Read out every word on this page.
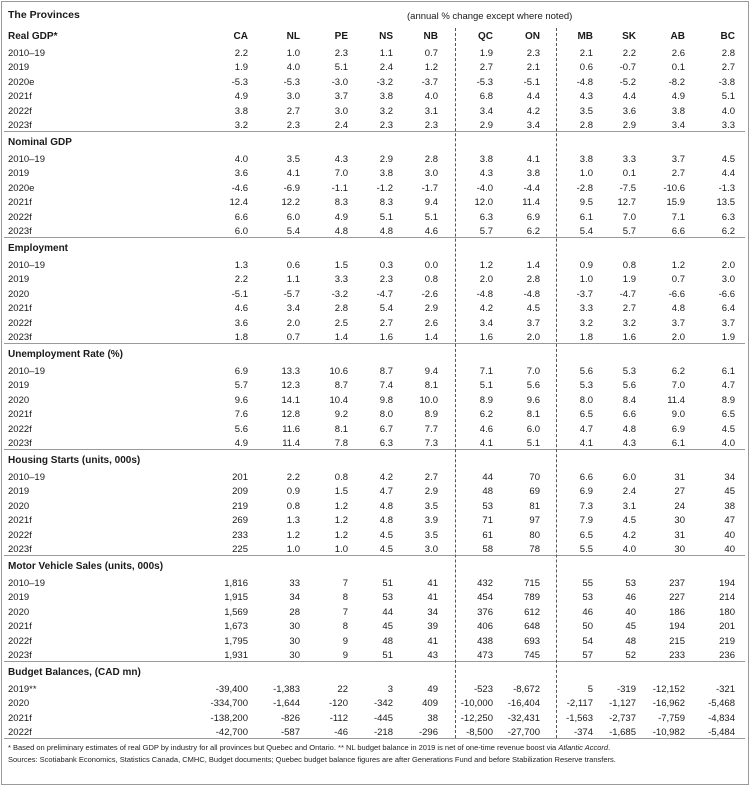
The Provinces	(annual % change except where noted)
Real GDP*	CA	NL	PE	NS	NB	QC	ON	MB	SK	AB	BC
2010–19	2.2	1.0	2.3	1.1	0.7	1.9	2.3	2.1	2.2	2.6	2.8
2019	1.9	4.0	5.1	2.4	1.2	2.7	2.1	0.6	-0.7	0.1	2.7
2020e	-5.3	-5.3	-3.0	-3.2	-3.7	-5.3	-5.1	-4.8	-5.2	-8.2	-3.8
2021f	4.9	3.0	3.7	3.8	4.0	6.8	4.4	4.3	4.4	4.9	5.1
2022f	3.8	2.7	3.0	3.2	3.1	3.4	4.2	3.5	3.6	3.8	4.0
2023f	3.2	2.3	2.4	2.3	2.3	2.9	3.4	2.8	2.9	3.4	3.3
Nominal GDP
2010–19	4.0	3.5	4.3	2.9	2.8	3.8	4.1	3.8	3.3	3.7	4.5
2019	3.6	4.1	7.0	3.8	3.0	4.3	3.8	1.0	0.1	2.7	4.4
2020e	-4.6	-6.9	-1.1	-1.2	-1.7	-4.0	-4.4	-2.8	-7.5	-10.6	-1.3
2021f	12.4	12.2	8.3	8.3	9.4	12.0	11.4	9.5	12.7	15.9	13.5
2022f	6.6	6.0	4.9	5.1	5.1	6.3	6.9	6.1	7.0	7.1	6.3
2023f	6.0	5.4	4.8	4.8	4.6	5.7	6.2	5.4	5.7	6.6	6.2
Employment
2010–19	1.3	0.6	1.5	0.3	0.0	1.2	1.4	0.9	0.8	1.2	2.0
2019	2.2	1.1	3.3	2.3	0.8	2.0	2.8	1.0	1.9	0.7	3.0
2020	-5.1	-5.7	-3.2	-4.7	-2.6	-4.8	-4.8	-3.7	-4.7	-6.6	-6.6
2021f	4.6	3.4	2.8	5.4	2.9	4.2	4.5	3.3	2.7	4.8	6.4
2022f	3.6	2.0	2.5	2.7	2.6	3.4	3.7	3.2	3.2	3.7	3.7
2023f	1.8	0.7	1.4	1.6	1.4	1.6	2.0	1.8	1.6	2.0	1.9
Unemployment Rate (%)
2010–19	6.9	13.3	10.6	8.7	9.4	7.1	7.0	5.6	5.3	6.2	6.1
2019	5.7	12.3	8.7	7.4	8.1	5.1	5.6	5.3	5.6	7.0	4.7
2020	9.6	14.1	10.4	9.8	10.0	8.9	9.6	8.0	8.4	11.4	8.9
2021f	7.6	12.8	9.2	8.0	8.9	6.2	8.1	6.5	6.6	9.0	6.5
2022f	5.6	11.6	8.1	6.7	7.7	4.6	6.0	4.7	4.8	6.9	4.5
2023f	4.9	11.4	7.8	6.3	7.3	4.1	5.1	4.1	4.3	6.1	4.0
Housing Starts (units, 000s)
2010–19	201	2.2	0.8	4.2	2.7	44	70	6.6	6.0	31	34
2019	209	0.9	1.5	4.7	2.9	48	69	6.9	2.4	27	45
2020	219	0.8	1.2	4.8	3.5	53	81	7.3	3.1	24	38
2021f	269	1.3	1.2	4.8	3.9	71	97	7.9	4.5	30	47
2022f	233	1.2	1.2	4.5	3.5	61	80	6.5	4.2	31	40
2023f	225	1.0	1.0	4.5	3.0	58	78	5.5	4.0	30	40
Motor Vehicle Sales (units, 000s)
2010–19	1,816	33	7	51	41	432	715	55	53	237	194
2019	1,915	34	8	53	41	454	789	53	46	227	214
2020	1,569	28	7	44	34	376	612	46	40	186	180
2021f	1,673	30	8	45	39	406	648	50	45	194	201
2022f	1,795	30	9	48	41	438	693	54	48	215	219
2023f	1,931	30	9	51	43	473	745	57	52	233	236
Budget Balances, (CAD mn)
2019**	-39,400	-1,383	22	3	49	-523	-8,672	5	-319	-12,152	-321
2020	-334,700	-1,644	-120	-342	409	-10,000	-16,404	-2,117	-1,127	-16,962	-5,468
2021f	-138,200	-826	-112	-445	38	-12,250	-32,431	-1,563	-2,737	-7,759	-4,834
2022f	-42,700	-587	-46	-218	-296	-8,500	-27,700	-374	-1,685	-10,982	-5,484
* Based on preliminary estimates of real GDP by industry for all provinces but Quebec and Ontario. ** NL budget balance in 2019 is net of one-time revenue boost via Atlantic Accord.
Sources: Scotiabank Economics, Statistics Canada, CMHC, Budget documents; Quebec budget balance figures are after Generations Fund and before Stabilization Reserve transfers.
